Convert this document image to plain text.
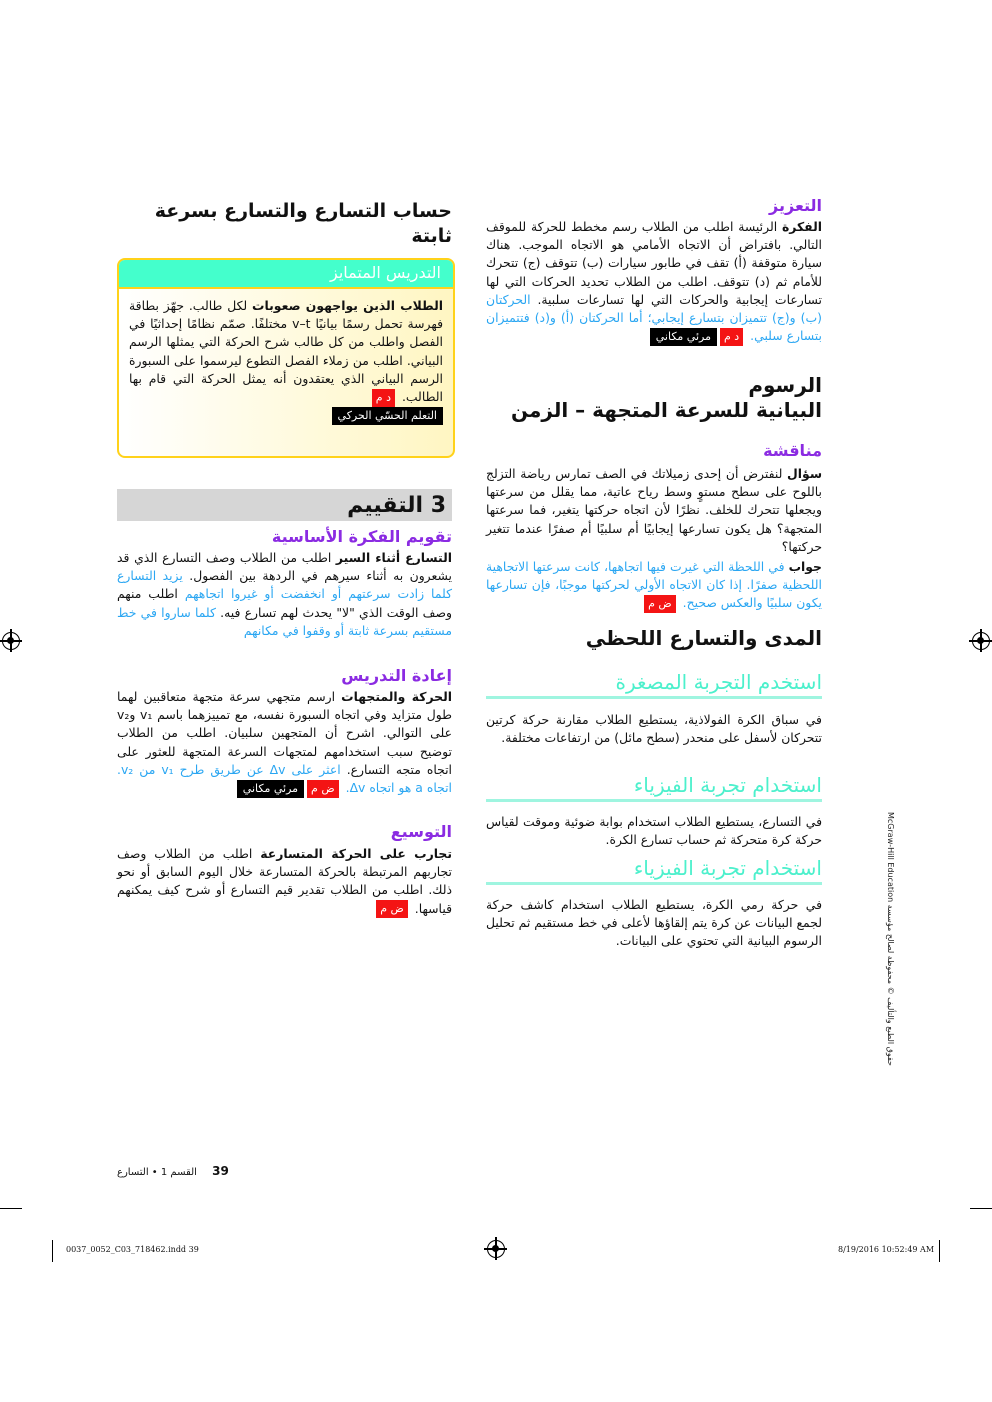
التعزيز
الفكرة الرئيسة اطلب من الطلاب رسم مخطط للحركة للموقف التالي. بافتراض أن الاتجاه الأمامي هو الاتجاه الموجب. هناك سيارة متوقفة (أ) تقف في طابور سيارات (ب) تتوقف (ج) تتحرك للأمام ثم (د) تتوقف. اطلب من الطلاب تحديد الحركات التي لها تسارعات إيجابية والحركات التي لها تسارعات سلبية. الحركتان (ب) و(ج) تتميزان بتسارع إيجابي؛ أما الحركتان (أ) و(د) فتتميزان بتسارع سلبي. د ممرئي مكاني
الرسوم
البيانية للسرعة المتجهة – الزمن
مناقشة
سؤال لنفترض أن إحدى زميلاتك في الصف تمارس رياضة التزلج باللوح على سطح مستوٍ وسط رياح عاتية، مما يقلل من سرعتها ويجعلها تتحرك للخلف. نظرًا لأن اتجاه حركتها يتغير، فما سرعتها المتجهة؟ هل يكون تسارعها إيجابيًا أم سلبيًا أم صفرًا عندما تتغير حركتها؟
جواب في اللحظة التي غيرت فيها اتجاهها، كانت سرعتها الاتجاهية اللحظية صفرًا. إذا كان الاتجاه الأولي لحركتها موجبًا، فإن تسارعها يكون سلبيًا والعكس صحيح. ض م
المدى والتسارع اللحظي
استخدم التجربة المصغرة
في سباق الكرة الفولاذية، يستطيع الطلاب مقارنة حركة كرتين تتحركان لأسفل على منحدر (سطح مائل) من ارتفاعات مختلفة.
استخدام تجربة الفيزياء
في التسارع، يستطيع الطلاب استخدام بوابة ضوئية وموقت لقياس حركة كرة متحركة ثم حساب تسارع الكرة.
استخدام تجربة الفيزياء
في حركة رمي الكرة، يستطيع الطلاب استخدام كاشف حركة لجمع البيانات عن كرة يتم إلقاؤها لأعلى في خط مستقيم ثم تحليل الرسوم البيانية التي تحتوي على البيانات.
حساب التسارع والتسارع بسرعة ثابتة
التدريس المتمايز
الطلاب الذين يواجهون صعوبات لكل طالب. جهّز بطاقة فهرسة تحمل رسمًا بيانيًا v–t مختلفًا. صمّم نظامًا إحداثيًا في الفصل واطلب من كل طالب شرح الحركة التي يمثلها الرسم البياني. اطلب من زملاء الفصل التطوع ليرسموا على السبورة الرسم البياني الذي يعتقدون أنه يمثل الحركة التي قام بها الطالب. د م
التعلم الحسّي الحركي
3 التقييم
تقويم الفكرة الأساسية
التسارع أثناء السير اطلب من الطلاب وصف التسارع الذي قد يشعرون به أثناء سيرهم في الردهة بين الفصول. يزيد التسارع كلما زادت سرعتهم أو انخفضت أو غيروا اتجاههم اطلب منهم وصف الوقت الذي "لا" يحدث لهم تسارع فيه. كلما ساروا في خط مستقيم بسرعة ثابتة أو وقفوا في مكانهم
إعادة التدريس
الحركة والمتجهات ارسم متجهي سرعة متجهة متعاقبين لهما طول متزايد وفي اتجاه السبورة نفسه، مع تمييزهما باسم v₁ وv₂ على التوالي. اشرح أن المتجهين سلبيان. اطلب من الطلاب توضيح سبب استخدامهم لمتجهات السرعة المتجهة للعثور على اتجاه متجه التسارع. اعثر على Δv عن طريق طرح v₁ من v₂. اتجاه a هو اتجاه Δv. ض ممرئي مكاني
التوسيع
تجارب على الحركة المتسارعة اطلب من الطلاب وصف تجاربهم المرتبطة بالحركة المتسارعة خلال اليوم السابق أو نحو ذلك. اطلب من الطلاب تقدير قيم التسارع أو شرح كيف يمكنهم قياسها. ض م
حقوق الطبع والتأليف © محفوظة لصالح مؤسسة McGraw-Hill Education
39    القسم 1 • التسارع
0037_0052_C03_718462.indd 39	8/19/2016 10:52:49 AM
